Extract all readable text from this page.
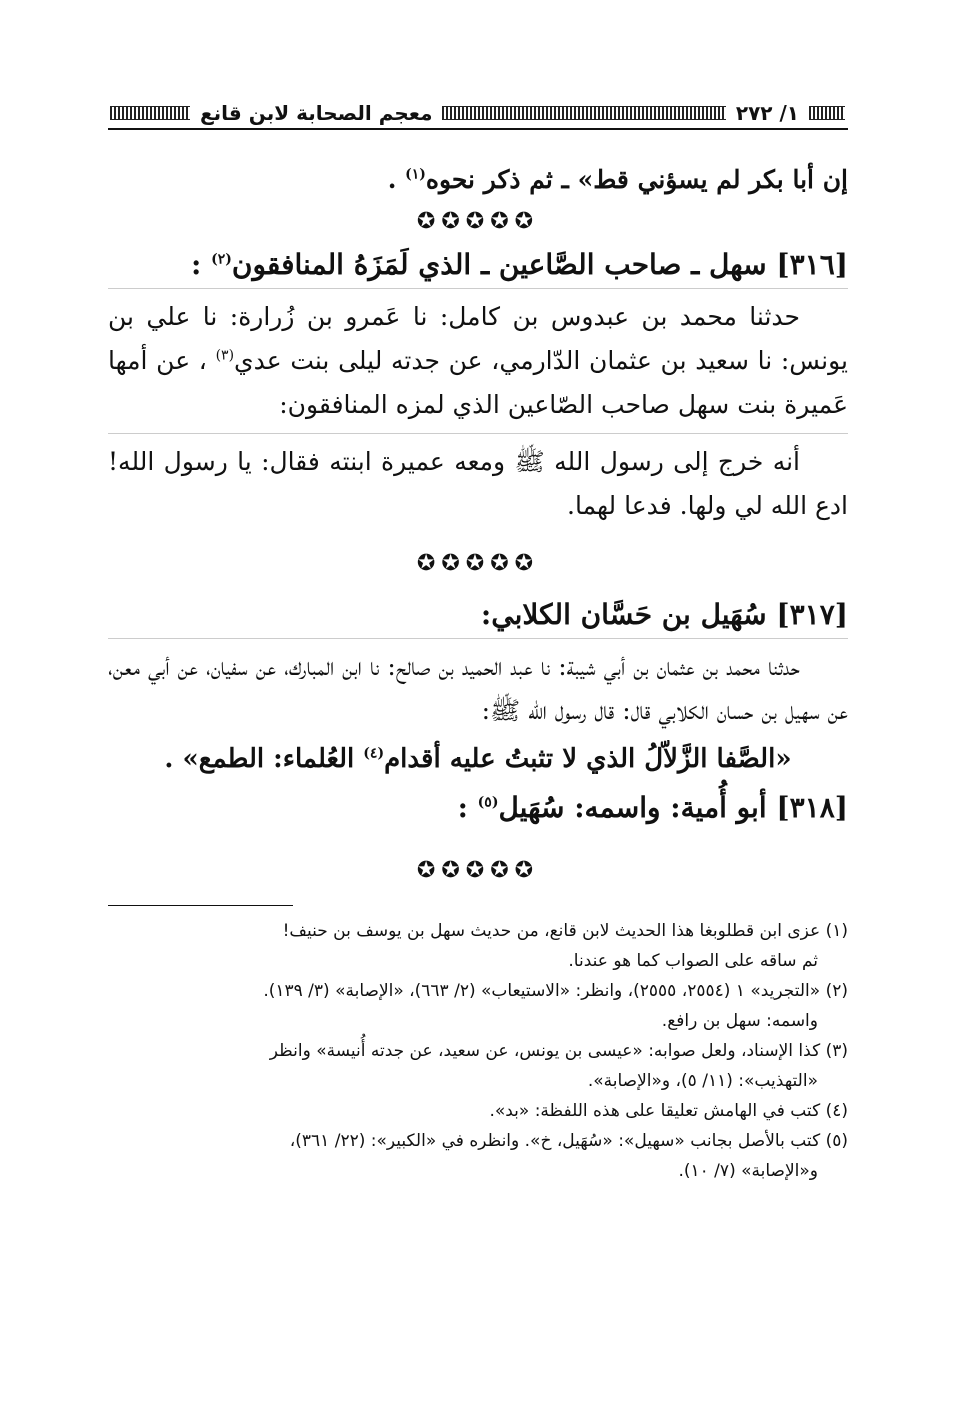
١/ ٢٧٢
معجم الصحابة لابن قانع

إن أبا بكر لم يسؤني قط» ـ ثم ذكر نحوه$^{(١)}$ .

✪✪✪✪✪

[٣١٦] سهل ـ صاحب الصَّاعين ـ الذي لَمَزَهُ المنافقون$^{(٢)}$ :

حدثنا محمد بن عبدوس بن كامل: نا عَمرو بن زُرارة: نا علي بن يونس: نا سعيد بن عثمان الدّارمي، عن جدته ليلى بنت عدي$^{(٣)}$ ، عن أمها عَميرة بنت سهل صاحب الصّاعين الذي لمزه المنافقون:

أنه خرج إلى رسول الله ﷺ ومعه عميرة ابنته فقال: يا رسول الله! ادع الله لي ولها. فدعا لهما.

✪✪✪✪✪

[٣١٧] سُهَيل بن حَسَّان الكلابي:

حدثنا محمد بن عثمان بن أبي شيبة: نا عبد الحميد بن صالح: نا ابن المبارك، عن سفيان، عن أبي معن، عن سهيل بن حسان الكلابي قال: قال رسول الله ﷺ:

«الصَّفا الزَّلاّلُ الذي لا تثبتُ عليه أقدام$^{(٤)}$ العُلماء: الطمع» .

[٣١٨] أبو أُمية: واسمه: سُهَيل$^{(٥)}$ :

✪✪✪✪✪
(١) عزى ابن قطلوبغا هذا الحديث لابن قانع، من حديث سهل بن يوسف بن حنيف!
ثم ساقه على الصواب كما هو عندنا.
(٢) «التجريد» ١ (٢٥٥٤، ٢٥٥٥)، وانظر: «الاستيعاب» (٢/ ٦٦٣)، «الإصابة» (٣/ ١٣٩).
واسمه: سهل بن رافع.
(٣) كذا الإسناد، ولعل صوابه: «عيسى بن يونس، عن سعيد، عن جدته أُنيسة» وانظر
«التهذيب»: (١١/ ٥)، و«الإصابة».
(٤) كتب في الهامش تعليقا على هذه اللفظة: «بد».
(٥) كتب بالأصل بجانب «سهيل»: «سُهَيل، خ». وانظره في «الكبير»: (٢٢/ ٣٦١)،
و«الإصابة» (٧/ ١٠).
